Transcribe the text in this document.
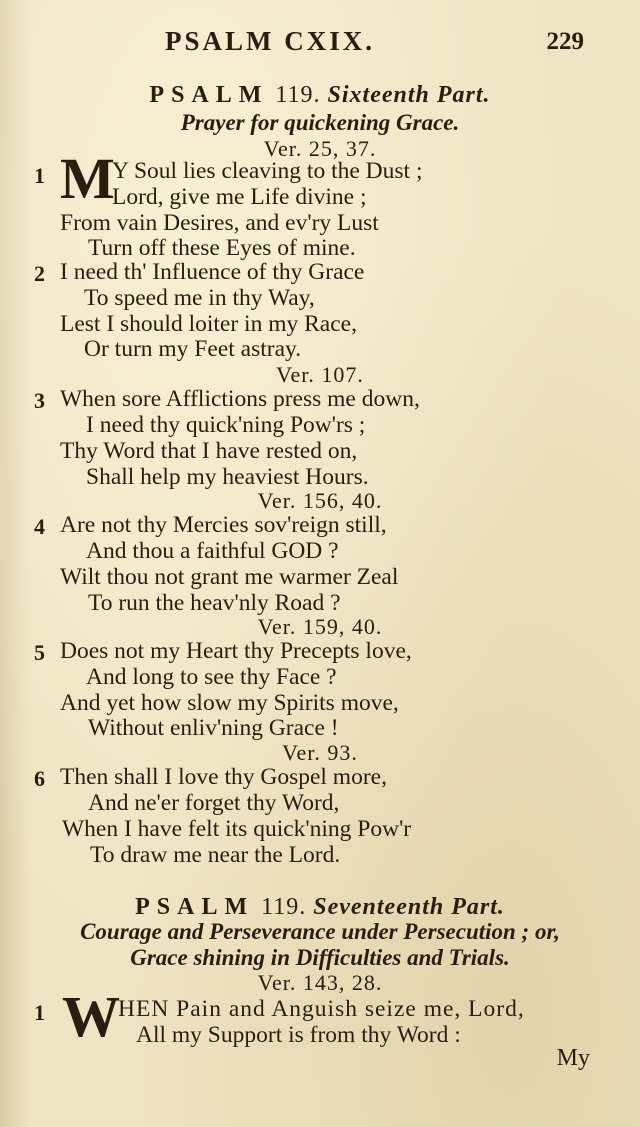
PSALM CXIX.	229
PSALM 119. Sixteenth Part.
Prayer for quickening Grace.
Ver. 25, 37.
1 M
Y Soul lies cleaving to the Dust ;
Lord, give me Life divine ;
From vain Desires, and ev'ry Lust
Turn off these Eyes of mine.
2 I need th' Influence of thy Grace
To speed me in thy Way,
Lest I should loiter in my Race,
Or turn my Feet astray.
Ver. 107.
3 When sore Afflictions press me down,
I need thy quick'ning Pow'rs ;
Thy Word that I have rested on,
Shall help my heaviest Hours.
Ver. 156, 40.
4 Are not thy Mercies sov'reign still,
And thou a faithful GOD ?
Wilt thou not grant me warmer Zeal
To run the heav'nly Road ?
Ver. 159, 40.
5 Does not my Heart thy Precepts love,
And long to see thy Face ?
And yet how slow my Spirits move,
Without enliv'ning Grace !
Ver. 93.
6 Then shall I love thy Gospel more,
And ne'er forget thy Word,
When I have felt its quick'ning Pow'r
To draw me near the Lord.
PSALM 119. Seventeenth Part.
Courage and Perseverance under Persecution ; or,
Grace shining in Difficulties and Trials.
Ver. 143, 28.
1 W
HEN Pain and Anguish seize me, Lord,
All my Support is from thy Word :
My
